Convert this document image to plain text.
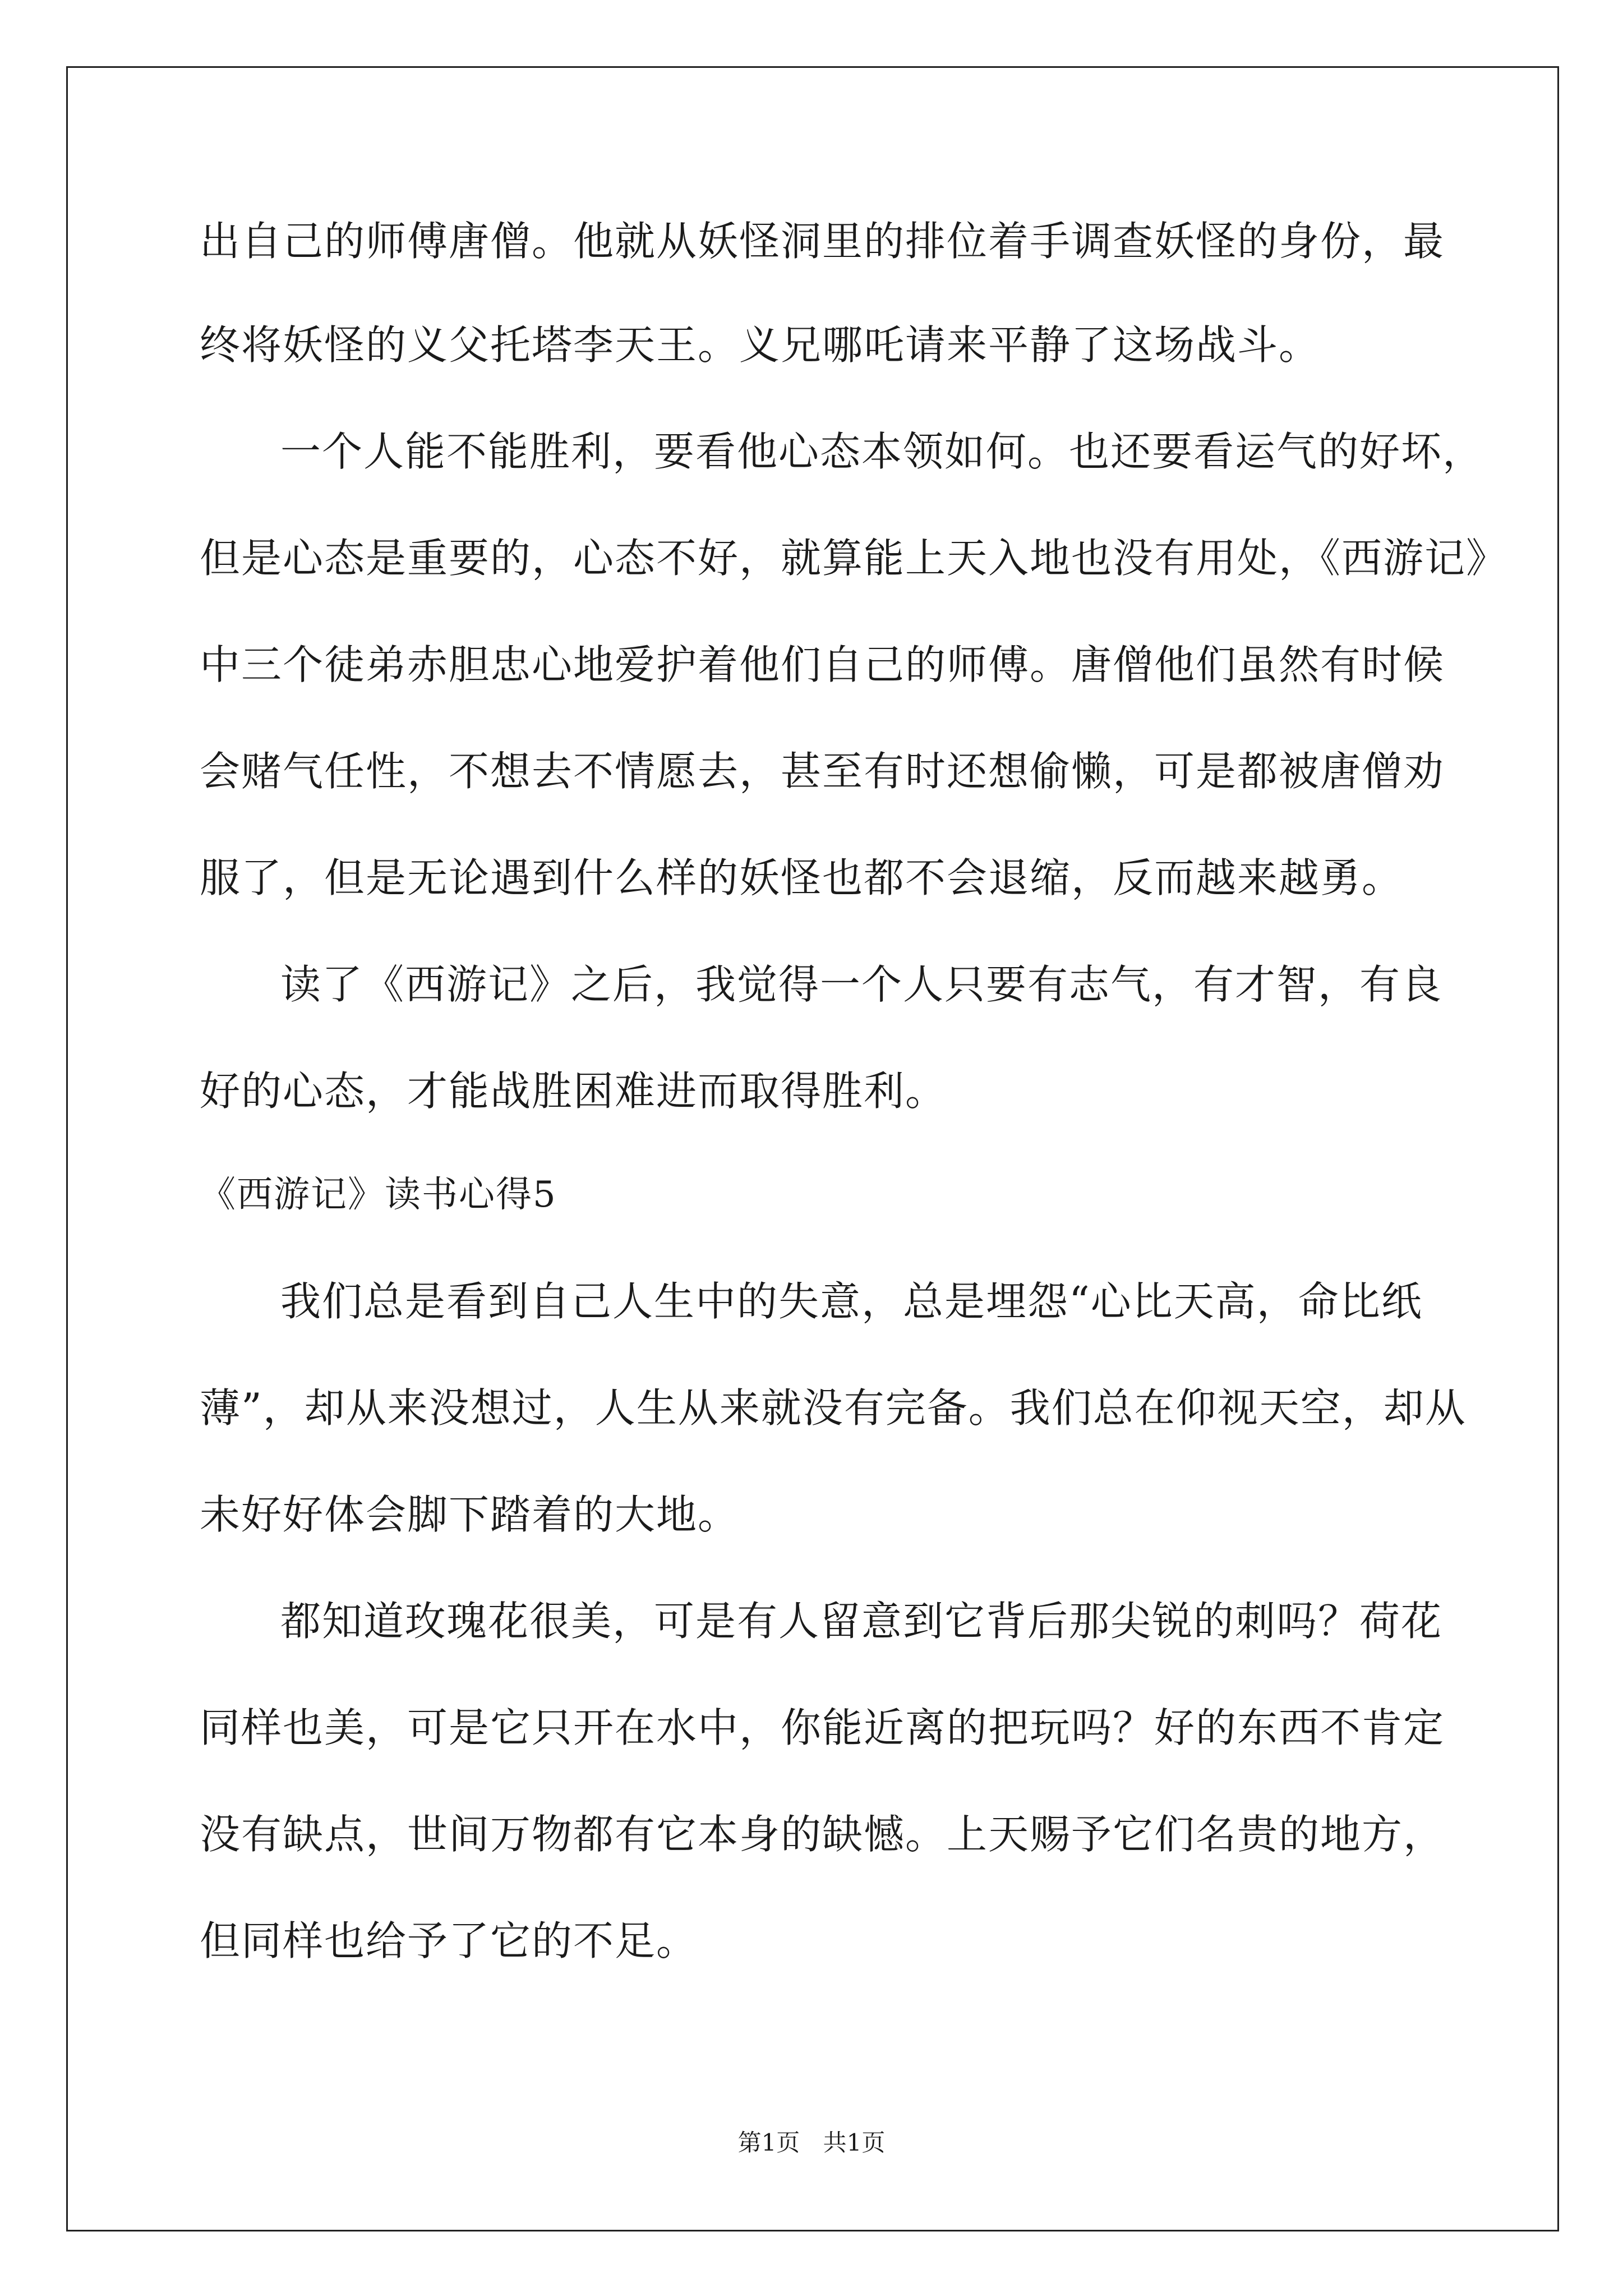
出自己的师傅唐僧。他就从妖怪洞里的排位着手调查妖怪的身份，最
终将妖怪的义父托塔李天王。义兄哪吒请来平静了这场战斗。
一个人能不能胜利，要看他心态本领如何。也还要看运气的好坏，
但是心态是重要的，心态不好，就算能上天入地也没有用处，《西游记》
中三个徒弟赤胆忠心地爱护着他们自己的师傅。唐僧他们虽然有时候
会赌气任性，不想去不情愿去，甚至有时还想偷懒，可是都被唐僧劝
服了，但是无论遇到什么样的妖怪也都不会退缩，反而越来越勇。
读了《西游记》之后，我觉得一个人只要有志气，有才智，有良
好的心态，才能战胜困难进而取得胜利。
《西游记》读书心得5
我们总是看到自己人生中的失意，总是埋怨“心比天高，命比纸
薄”，却从来没想过，人生从来就没有完备。我们总在仰视天空，却从
未好好体会脚下踏着的大地。
都知道玫瑰花很美，可是有人留意到它背后那尖锐的刺吗？荷花
同样也美，可是它只开在水中，你能近离的把玩吗？好的东西不肯定
没有缺点，世间万物都有它本身的缺憾。上天赐予它们名贵的地方，
但同样也给予了它的不足。
第1页 共1页
